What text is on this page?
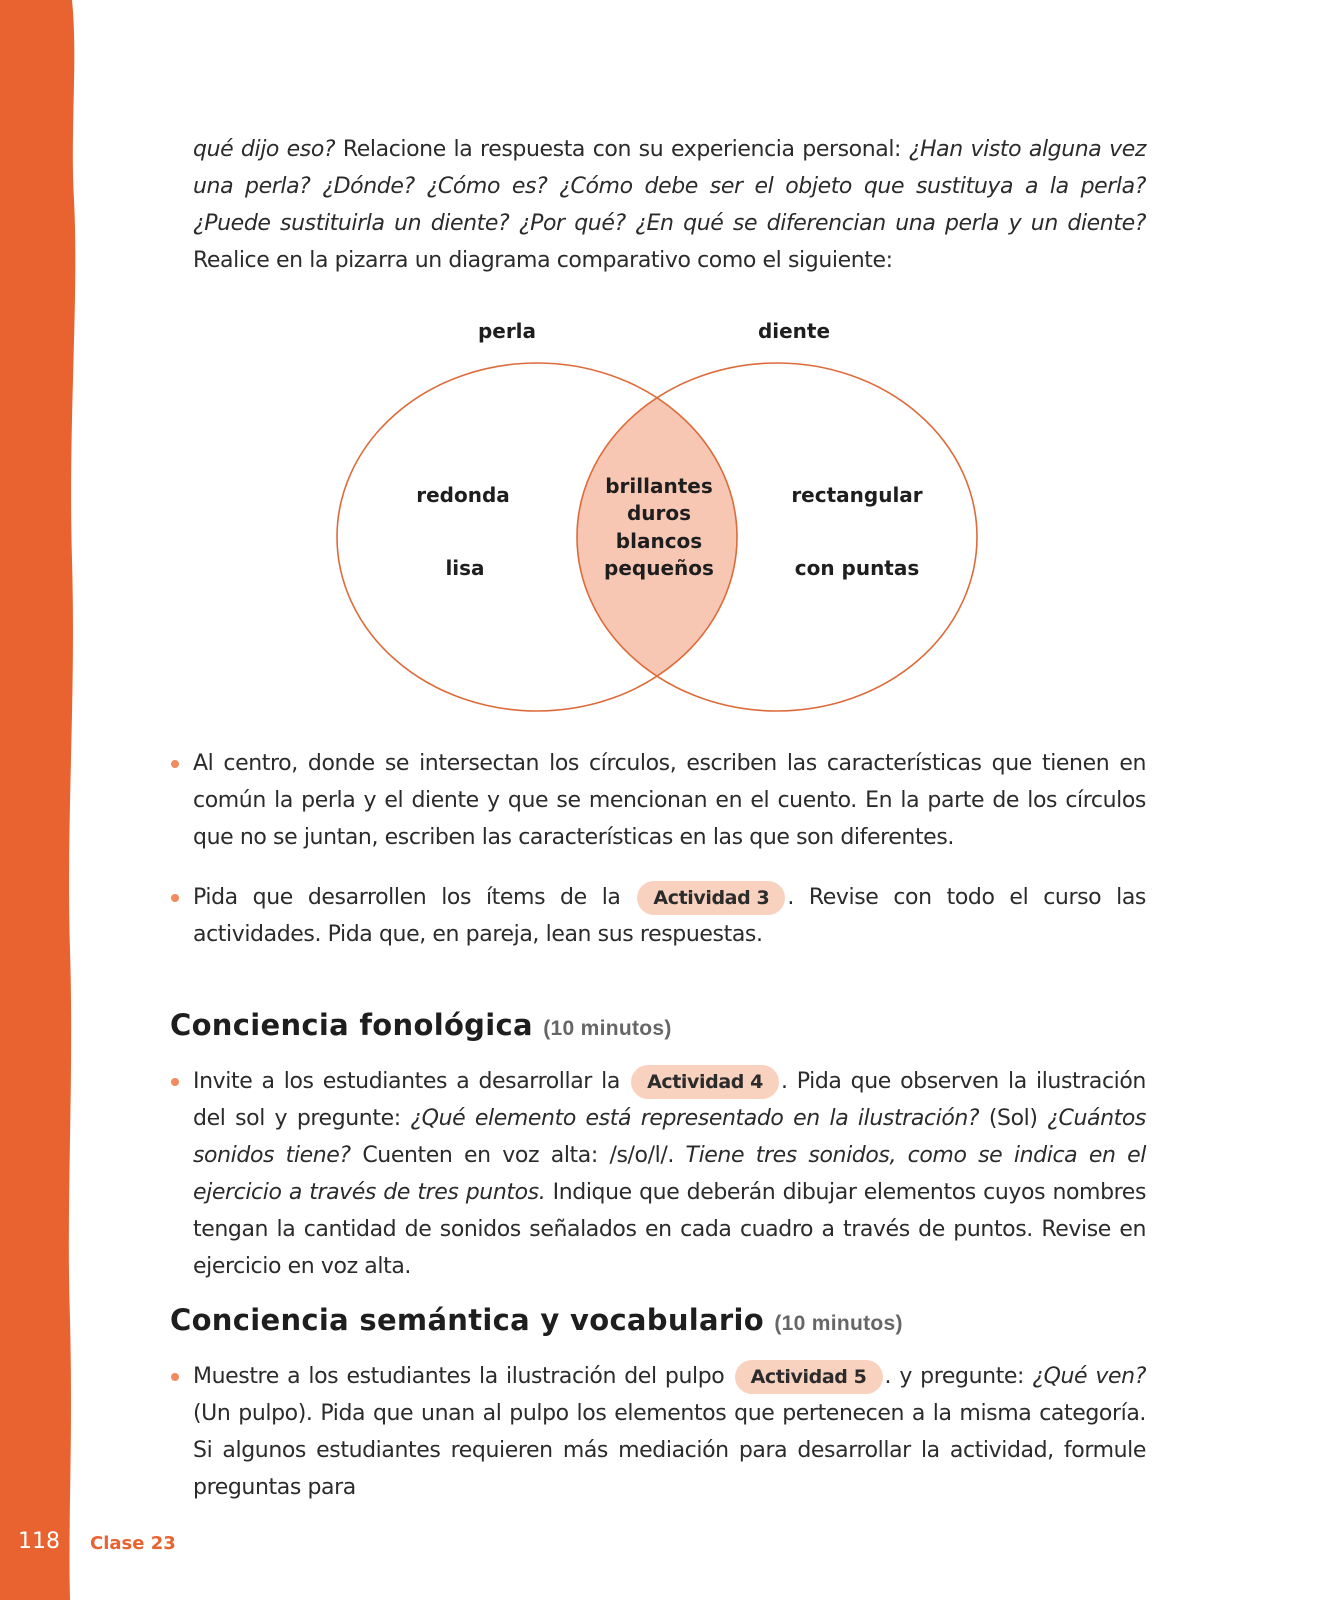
118 Clase 23
qué dijo eso? Relacione la respuesta con su experiencia personal: ¿Han visto alguna vez una perla? ¿Dónde? ¿Cómo es? ¿Cómo debe ser el objeto que sustituya a la perla? ¿Puede sustituirla un diente? ¿Por qué? ¿En qué se diferencian una perla y un diente? Realice en la pizarra un diagrama comparativo como el siguiente:
perla	diente
redonda
lisa
brillantes
duros
blancos
pequeños
rectangular
con puntas
Al centro, donde se intersectan los círculos, escriben las características que tienen en común la perla y el diente y que se mencionan en el cuento. En la parte de los círculos que no se juntan, escriben las características en las que son diferentes.
Pida que desarrollen los ítems de la Actividad 3 . Revise con todo el curso las actividades. Pida que, en pareja, lean sus respuestas.
Conciencia fonológica (10 minutos)
Invite a los estudiantes a desarrollar la Actividad 4 . Pida que observen la ilustración del sol y pregunte: ¿Qué elemento está representado en la ilustración? (Sol) ¿Cuántos sonidos tiene? Cuenten en voz alta: /s/o/l/. Tiene tres sonidos, como se indica en el ejercicio a través de tres puntos. Indique que deberán dibujar elementos cuyos nombres tengan la cantidad de sonidos señalados en cada cuadro a través de puntos. Revise en ejercicio en voz alta.
Conciencia semántica y vocabulario (10 minutos)
Muestre a los estudiantes la ilustración del pulpo Actividad 5 . y pregunte: ¿Qué ven? (Un pulpo). Pida que unan al pulpo los elementos que pertenecen a la misma categoría. Si algunos estudiantes requieren más mediación para desarrollar la actividad, formule preguntas para
